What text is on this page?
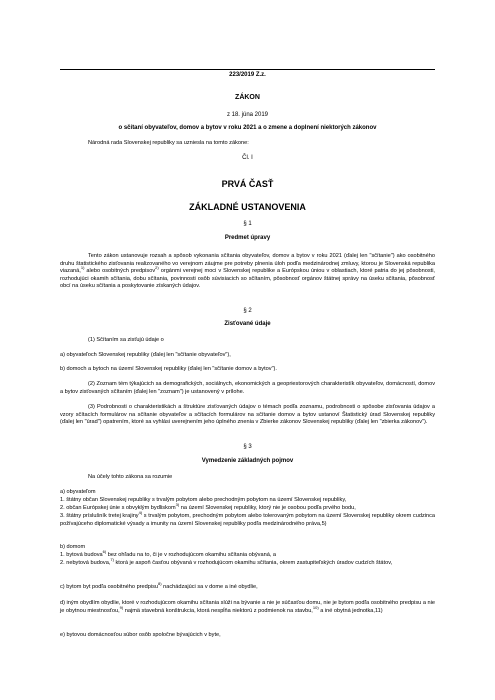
223/2019 Z.z.
ZÁKON
z 18. júna 2019
o sčítaní obyvateľov, domov a bytov v roku 2021 a o zmene a doplnení niektorých zákonov
Národná rada Slovenskej republiky sa uzniesla na tomto zákone:
Čl. I
PRVÁ ČASŤ
ZÁKLADNÉ USTANOVENIA
§ 1
Predmet úpravy
Tento zákon ustanovuje rozsah a spôsob vykonania sčítania obyvateľov, domov a bytov v roku 2021 (ďalej len "sčítanie") ako osobitného druhu štatistického zisťovania realizovaného vo verejnom záujme pre potreby plnenia úloh podľa medzinárodnej zmluvy, ktorou je Slovenská republika viazaná,$^{1)}$ alebo osobitných predpisov$^{2)}$ orgánmi verejnej moci v Slovenskej republike a Európskou úniou v oblastiach, ktoré patria do jej pôsobnosti, rozhodujúci okamih sčítania, dobu sčítania, povinnosti osôb súvisiacich so sčítaním, pôsobnosť orgánov štátnej správy na úseku sčítania, pôsobnosť obcí na úseku sčítania a poskytovanie získaných údajov.
§ 2
Zisťované údaje
(1) Sčítaním sa zisťujú údaje o
a) obyvateľoch Slovenskej republiky (ďalej len "sčítanie obyvateľov"),
b) domoch a bytoch na území Slovenskej republiky (ďalej len "sčítanie domov a bytov").
(2) Zoznam tém týkajúcich sa demografických, sociálnych, ekonomických a geopriestorových charakteristík obyvateľov, domácností, domov a bytov zisťovaných sčítaním (ďalej len "zoznam") je ustanovený v prílohe.
(3) Podrobnosti o charakteristikách a štruktúre zisťovaných údajov o témach podľa zoznamu, podrobnosti o spôsobe zisťovania údajov a vzory sčítacích formulárov na sčítanie obyvateľov a sčítacích formulárov na sčítanie domov a bytov ustanoví Štatistický úrad Slovenskej republiky (ďalej len "úrad") opatrením, ktoré sa vyhlási uverejnením jeho úplného znenia v Zbierke zákonov Slovenskej republiky (ďalej len "zbierka zákonov").
§ 3
Vymedzenie základných pojmov
Na účely tohto zákona sa rozumie
a) obyvateľom
1. štátny občan Slovenskej republiky s trvalým pobytom alebo prechodným pobytom na území Slovenskej republiky,
2. občan Európskej únie s obvyklým bydliskom$^{3)}$ na území Slovenskej republiky, ktorý nie je osobou podľa prvého bodu,
3. štátny príslušník tretej krajiny$^{4)}$ s trvalým pobytom, prechodným pobytom alebo tolerovaným pobytom na území Slovenskej republiky okrem cudzinca požívajúceho diplomatické výsady a imunity na území Slovenskej republiky podľa medzinárodného práva,5)
b) domom
1. bytová budova$^{6)}$ bez ohľadu na to, či je v rozhodujúcom okamihu sčítania obývaná, a
2. nebytová budova,$^{7)}$ ktorá je aspoň časťou obývaná v rozhodujúcom okamihu sčítania, okrem zastupiteľských úradov cudzích štátov,
c) bytom byt podľa osobitného predpisu$^{8)}$ nachádzajúci sa v dome a iné obydlie,
d) iným obydlím obydlie, ktoré v rozhodujúcom okamihu sčítania slúži na bývanie a nie je súčasťou domu, nie je bytom podľa osobitného predpisu a nie je obytnou miestnosťou,$^{9)}$ najmä stavebná konštrukcia, ktorá nespĺňa niektorú z podmienok na stavbu,$^{10)}$ a iné obytná jednotka,11)
e) bytovou domácnosťou súbor osôb spoločne bývajúcich v byte,
